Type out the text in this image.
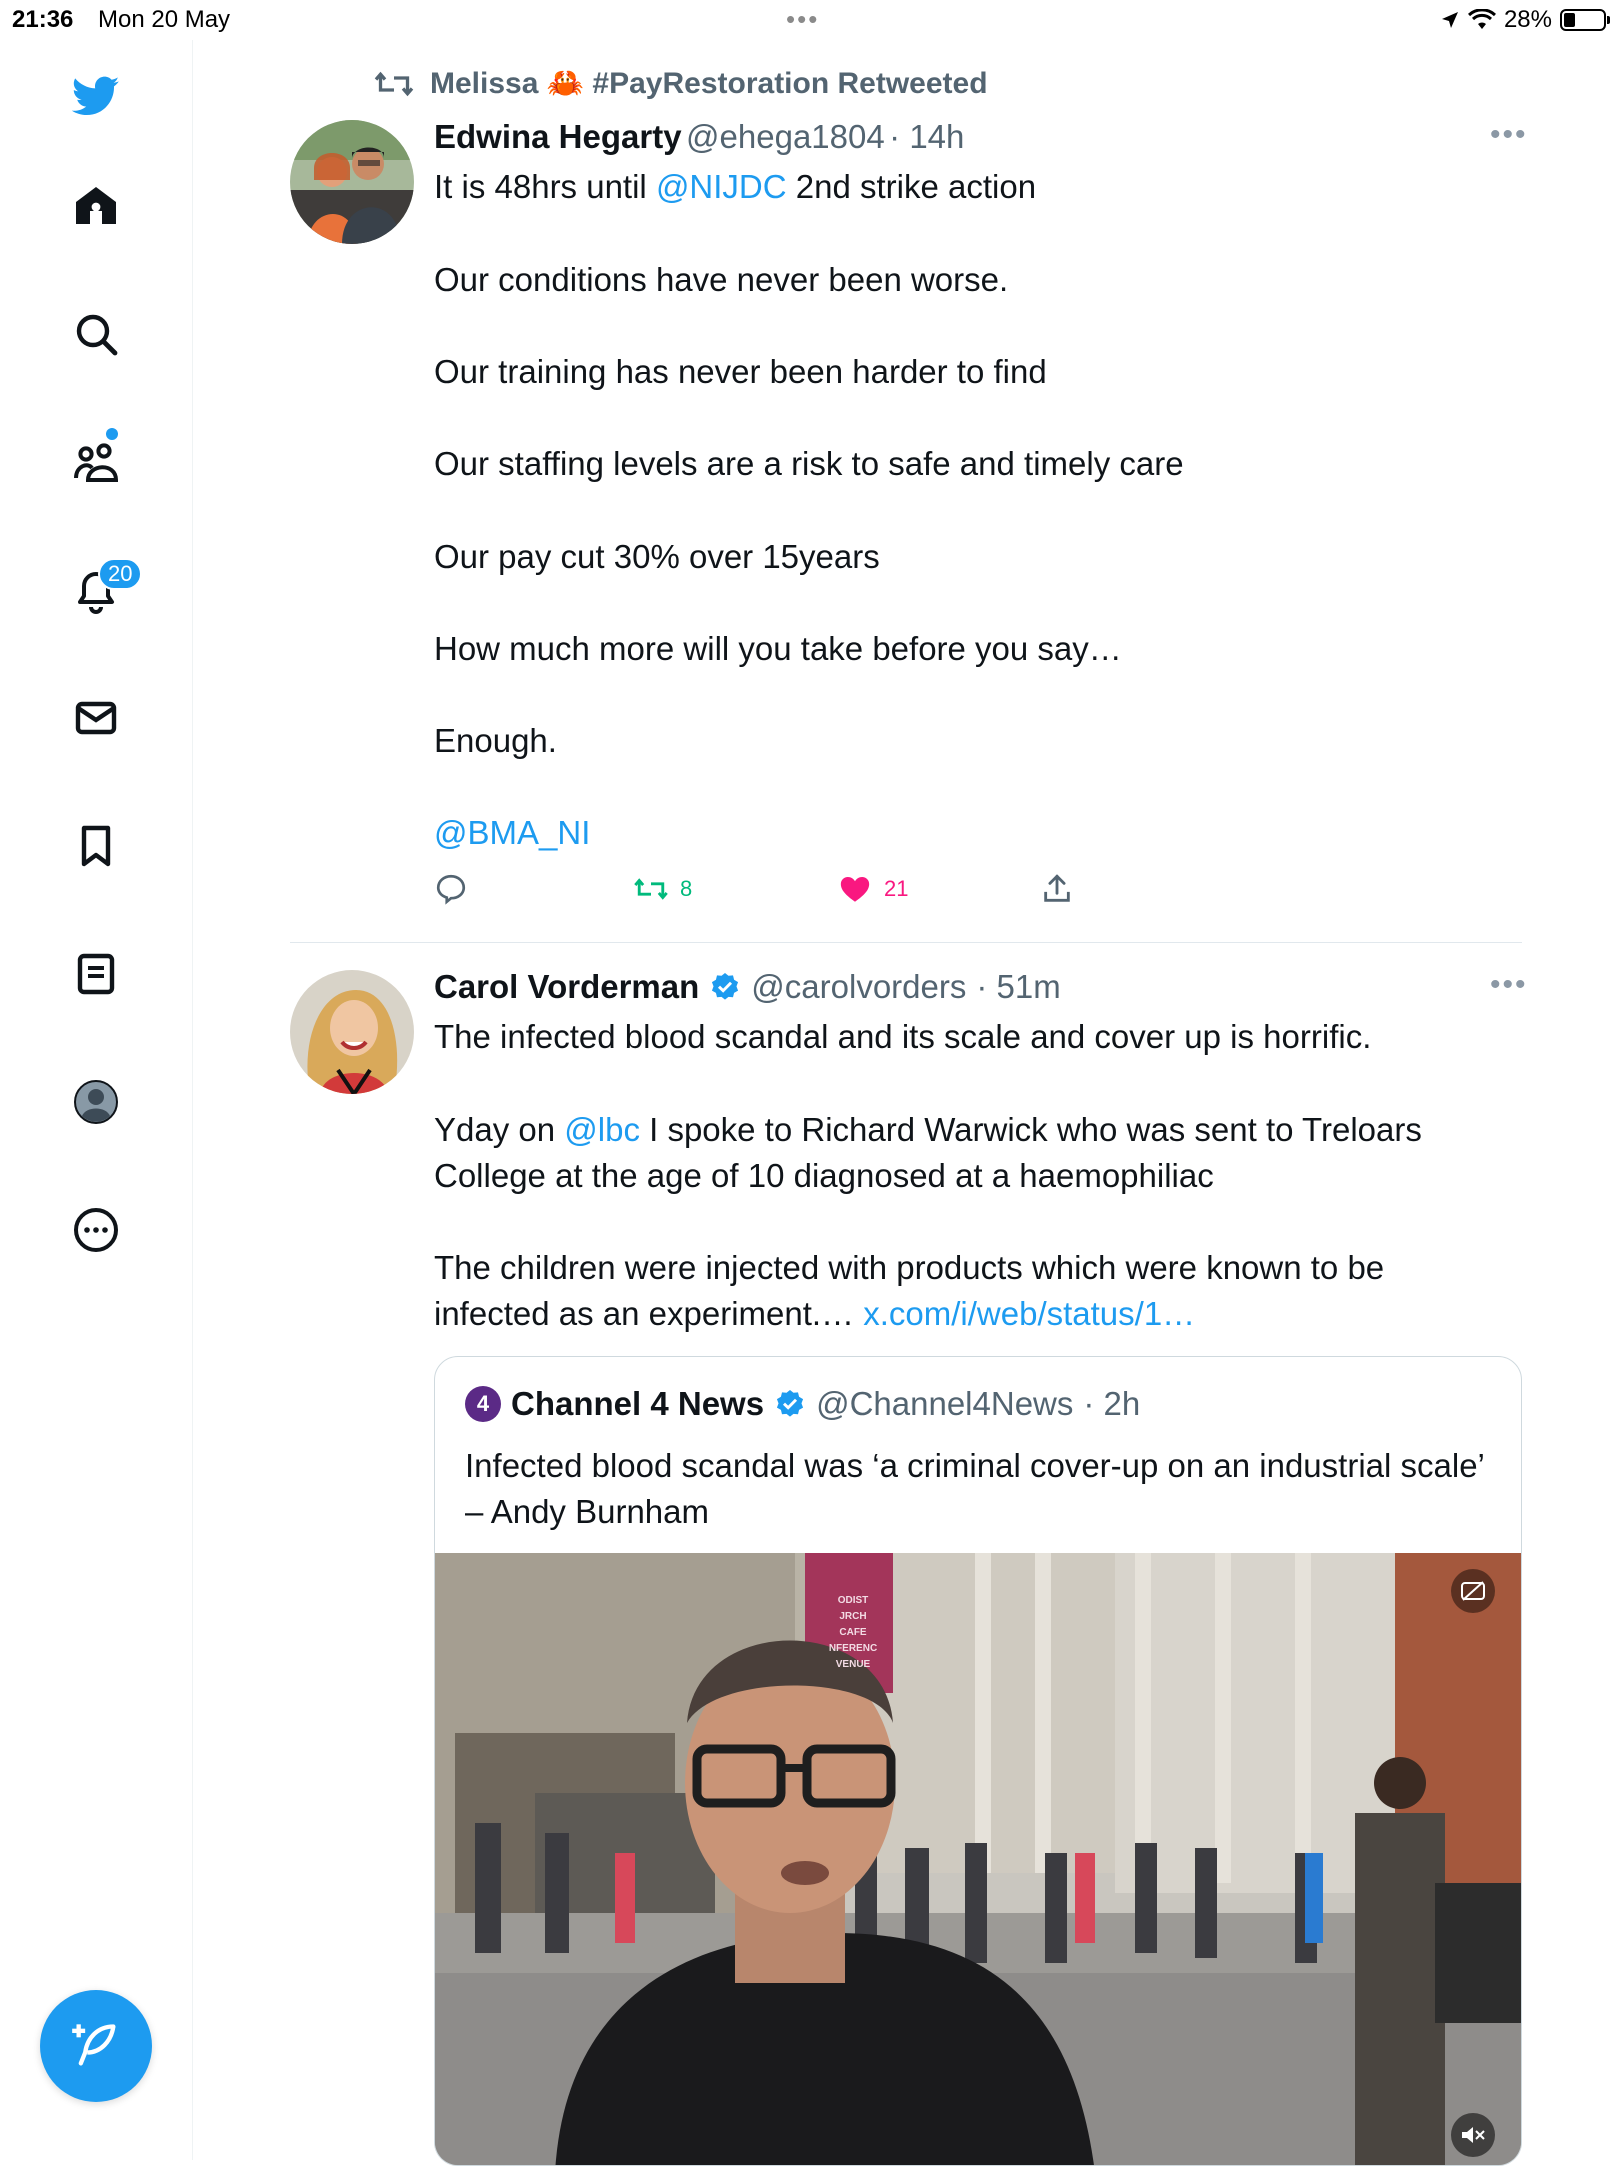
21:36 Mon 20 May	•••	28%
20
Melissa 🦀 #PayRestoration Retweeted
Edwina Hegarty @ehega1804 · 14h	•••
It is 48hrs until @NIJDC 2nd strike action
Our conditions have never been worse.
Our training has never been harder to find
Our staffing levels are a risk to safe and timely care
Our pay cut 30% over 15years
How much more will you take before you say…
Enough.
@BMA_NI
8	21
Carol Vorderman @carolvorders · 51m	•••
The infected blood scandal and its scale and cover up is horrific.
Yday on @lbc I spoke to Richard Warwick who was sent to Treloars
College at the age of 10 diagnosed at a haemophiliac
The children were injected with products which were known to be
infected as an experiment.… x.com/i/web/status/1…
4 Channel 4 News @Channel4News · 2h
Infected blood scandal was ‘a criminal cover-up on an industrial scale’ – Andy Burnham
ODIST
JRCH
CAFE
NFERENC
VENUE
